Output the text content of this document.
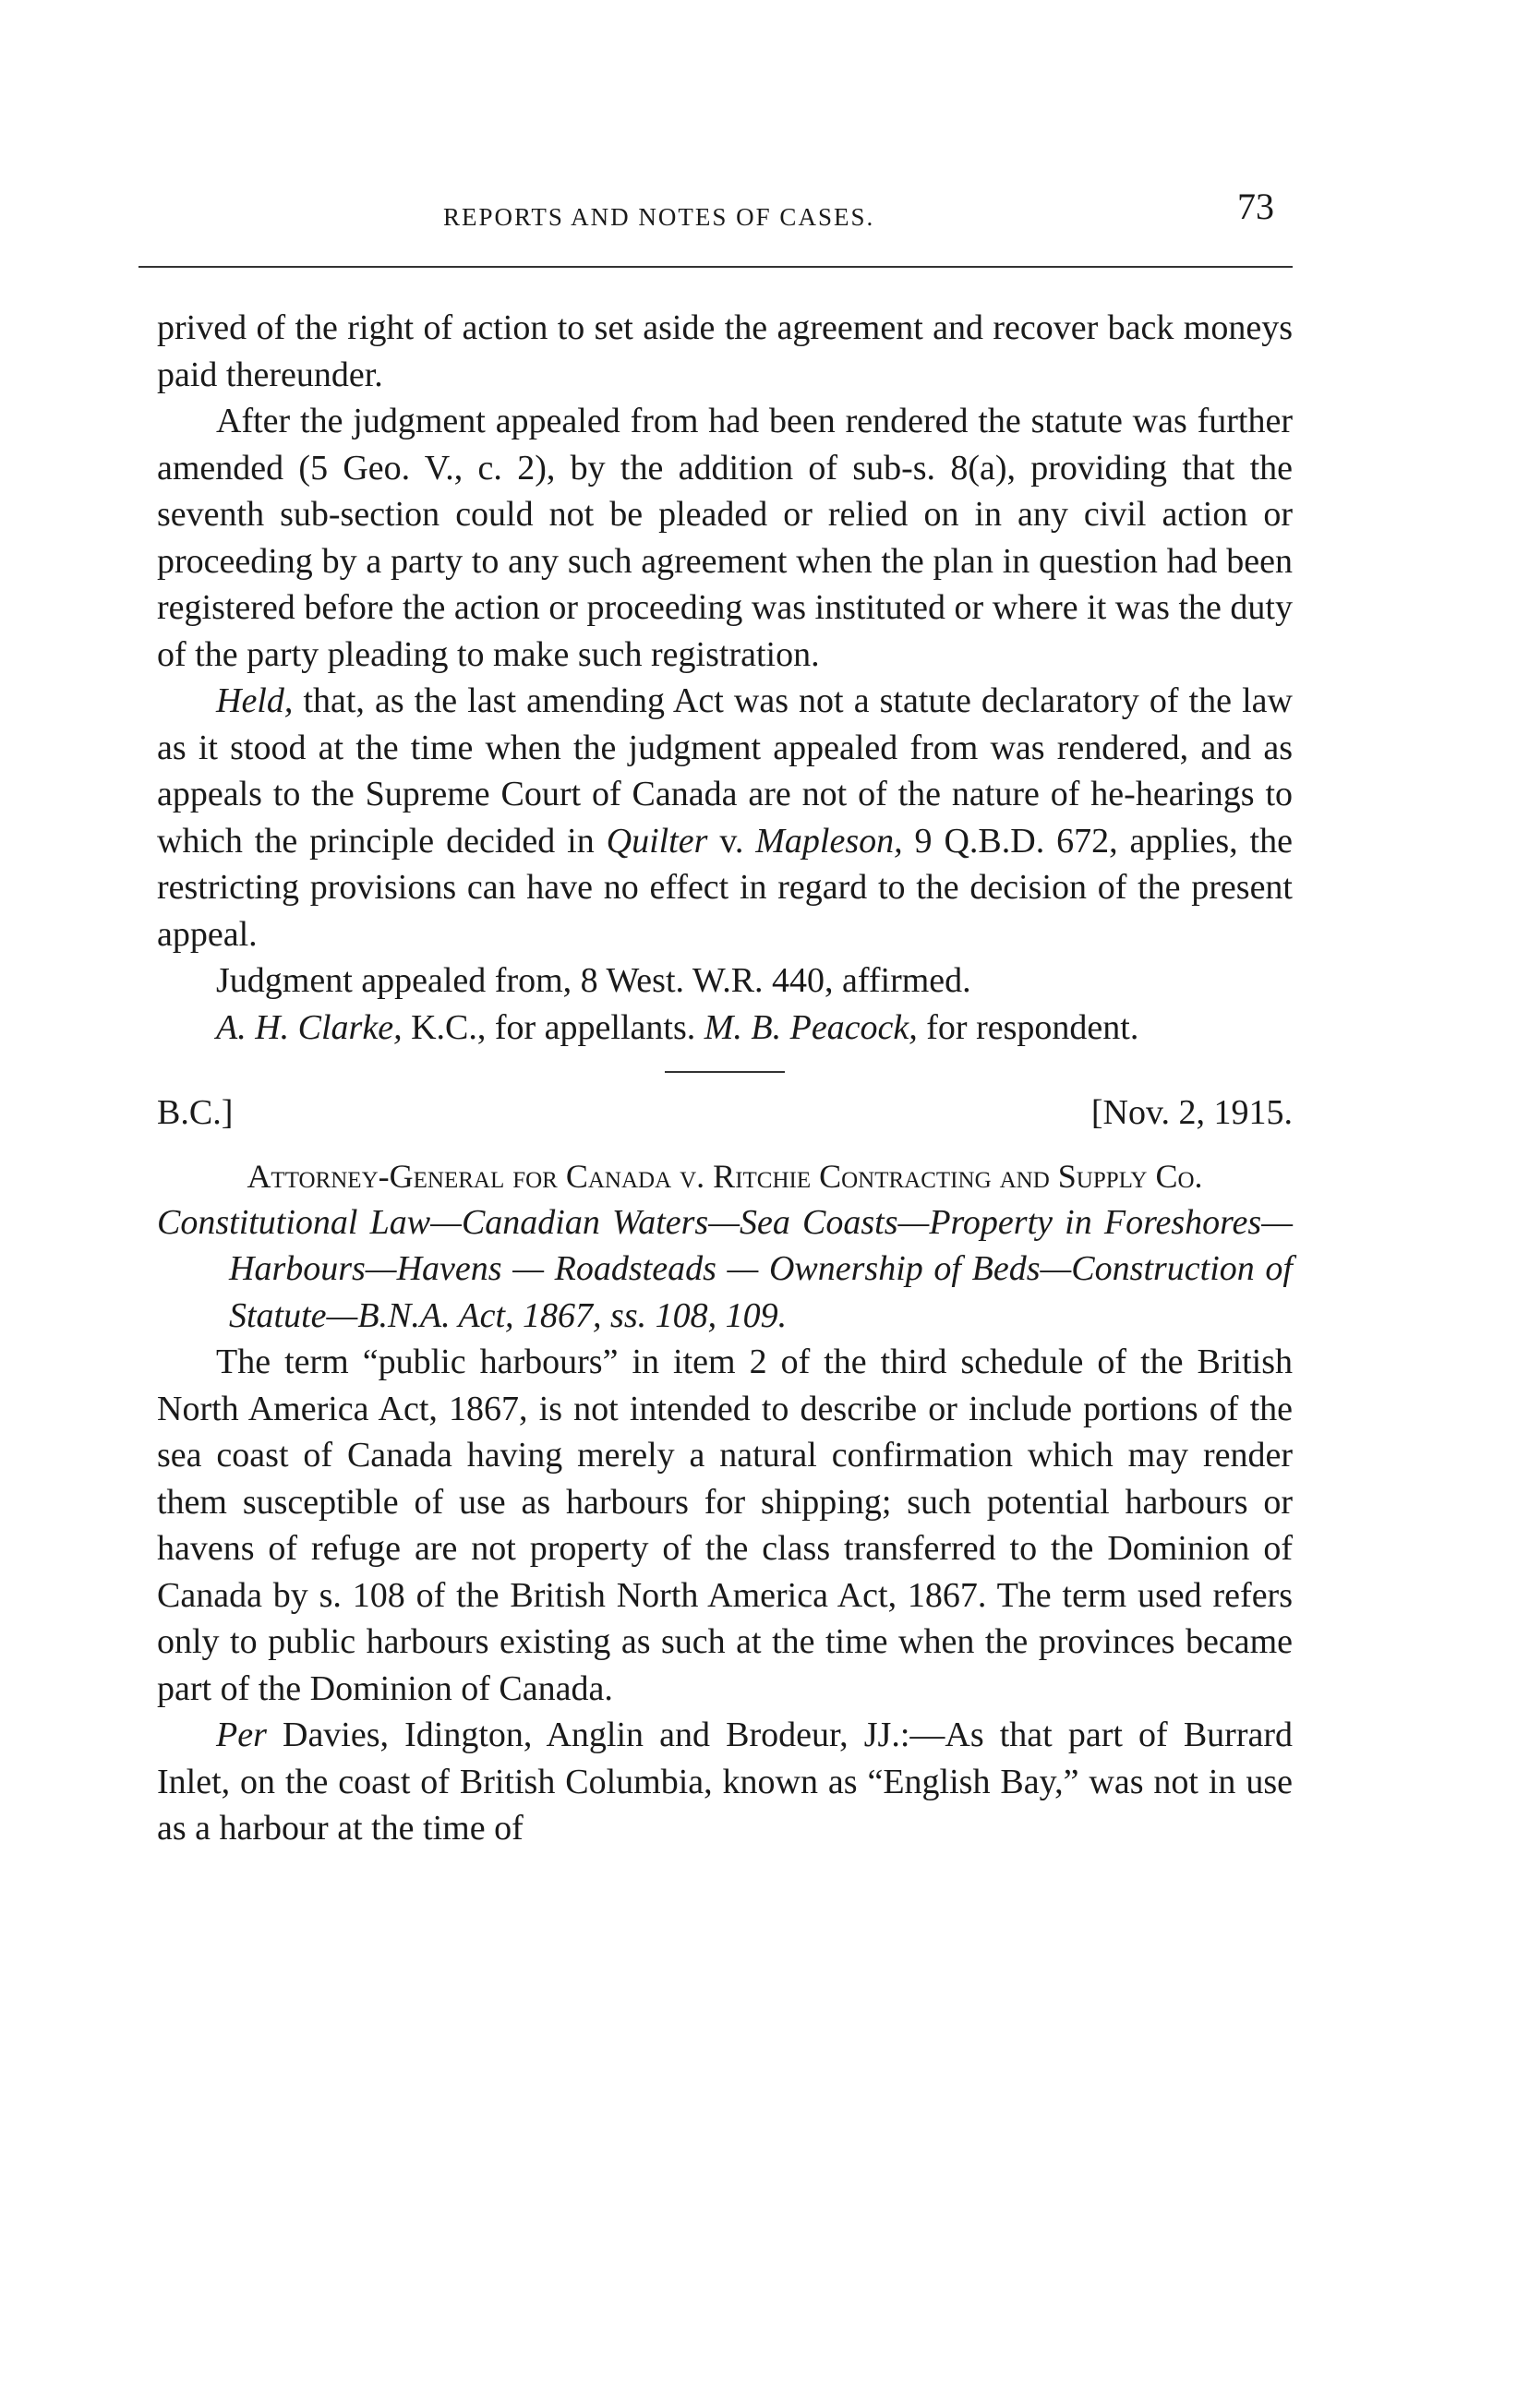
REPORTS AND NOTES OF CASES.	73

prived of the right of action to set aside the agreement and recover back moneys paid thereunder.

After the judgment appealed from had been rendered the statute was further amended (5 Geo. V., c. 2), by the addition of sub-s. 8(a), providing that the seventh sub-section could not be pleaded or relied on in any civil action or proceeding by a party to any such agreement when the plan in question had been registered before the action or proceeding was instituted or where it was the duty of the party pleading to make such registration.

Held, that, as the last amending Act was not a statute declaratory of the law as it stood at the time when the judgment appealed from was rendered, and as appeals to the Supreme Court of Canada are not of the nature of he-hearings to which the principle decided in Quilter v. Mapleson, 9 Q.B.D. 672, applies, the restricting provisions can have no effect in regard to the decision of the present appeal.

Judgment appealed from, 8 West. W.R. 440, affirmed.

A. H. Clarke, K.C., for appellants. M. B. Peacock, for respondent.

B.C.]	[Nov. 2, 1915.
Attorney-General for Canada v. Ritchie Contracting and Supply Co.

Constitutional Law—Canadian Waters—Sea Coasts—Property in Foreshores—Harbours—Havens — Roadsteads — Ownership of Beds—Construction of Statute—B.N.A. Act, 1867, ss. 108, 109.

The term “public harbours” in item 2 of the third schedule of the British North America Act, 1867, is not intended to describe or include portions of the sea coast of Canada having merely a natural confirmation which may render them susceptible of use as harbours for shipping; such potential harbours or havens of refuge are not property of the class transferred to the Dominion of Canada by s. 108 of the British North America Act, 1867. The term used refers only to public harbours existing as such at the time when the provinces became part of the Dominion of Canada.

Per Davies, Idington, Anglin and Brodeur, JJ.:—As that part of Burrard Inlet, on the coast of British Columbia, known as “English Bay,” was not in use as a harbour at the time of
